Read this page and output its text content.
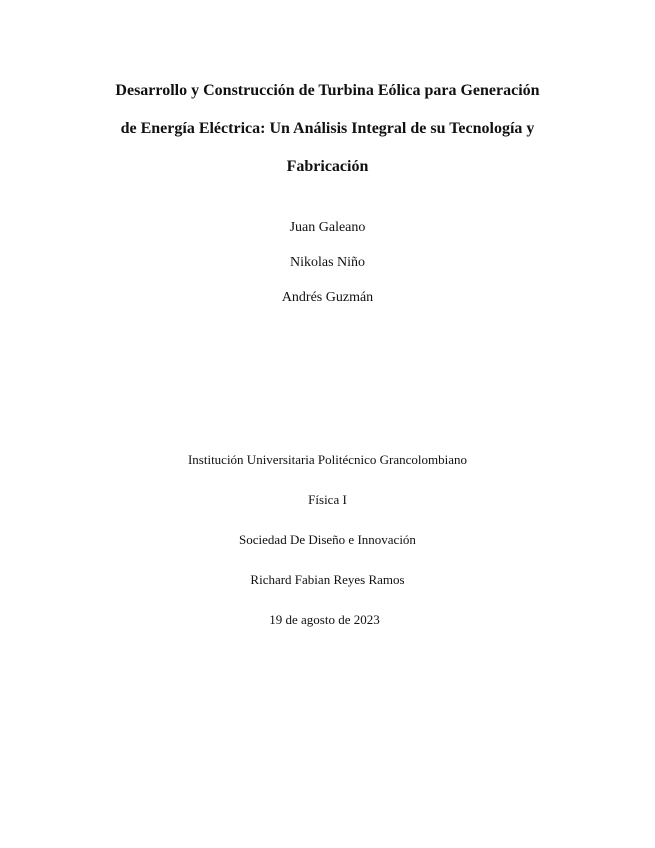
Desarrollo y Construcción de Turbina Eólica para Generación
de Energía Eléctrica: Un Análisis Integral de su Tecnología y
Fabricación
Juan Galeano
Nikolas Niño
Andrés Guzmán
Institución Universitaria Politécnico Grancolombiano
Física I
Sociedad De Diseño e Innovación
Richard Fabian Reyes Ramos
19 de agosto de 2023
